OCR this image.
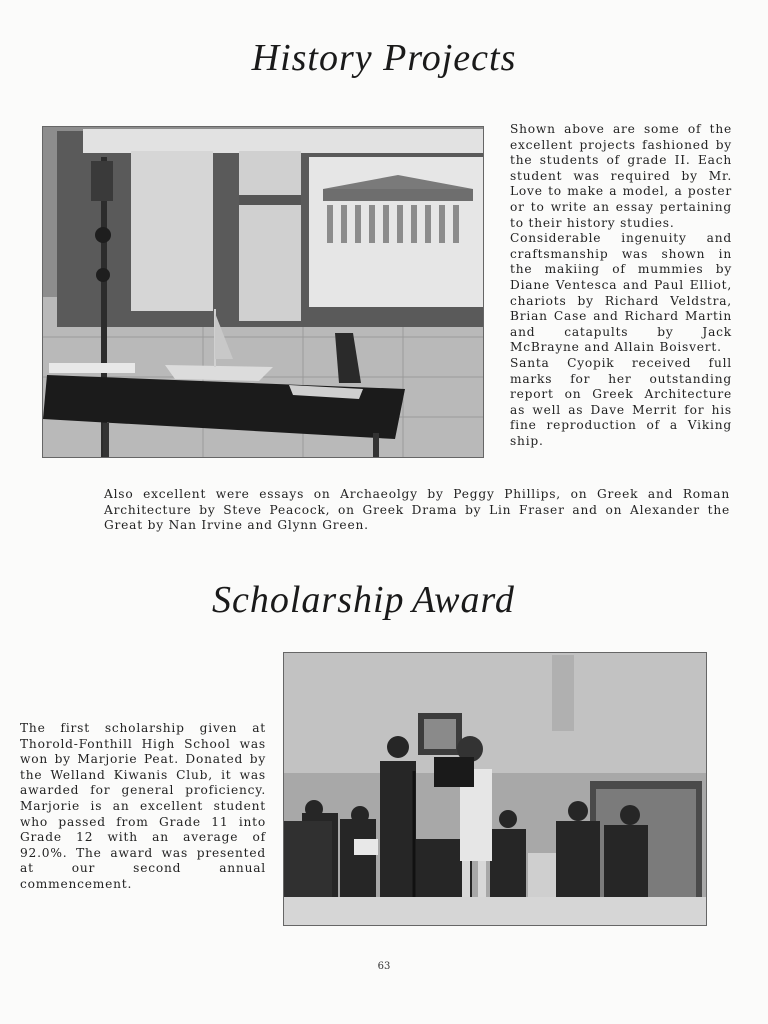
History Projects

Shown above are some of the excellent projects fashioned by the students of grade II. Each student was required by Mr. Love to make a model, a poster or to write an essay pertaining to their history studies.

Considerable ingenuity and craftsmanship was shown in the makiing of mummies by Diane Ventesca and Paul Elliot, chariots by Richard Veldstra, Brian Case and Richard Martin and catapults by Jack McBrayne and Allain Boisvert.

Santa Cyopik received full marks for her outstanding report on Greek Architecture as well as Dave Merrit for his fine reproduction of a Viking ship.

Also excellent were essays on Archaeolgy by Peggy Phillips, on Greek and Roman Architecture by Steve Peacock, on Greek Drama by Lin Fraser and on Alexander the Great by Nan Irvine and Glynn Green.

Scholarship Award

The first scholarship given at Thorold-Fonthill High School was won by Marjorie Peat. Donated by the Welland Kiwanis Club, it was awarded for general proficiency. Marjorie is an excellent student who passed from Grade 11 into Grade 12 with an average of 92.0%. The award was presented at our second annual commencement.

63
